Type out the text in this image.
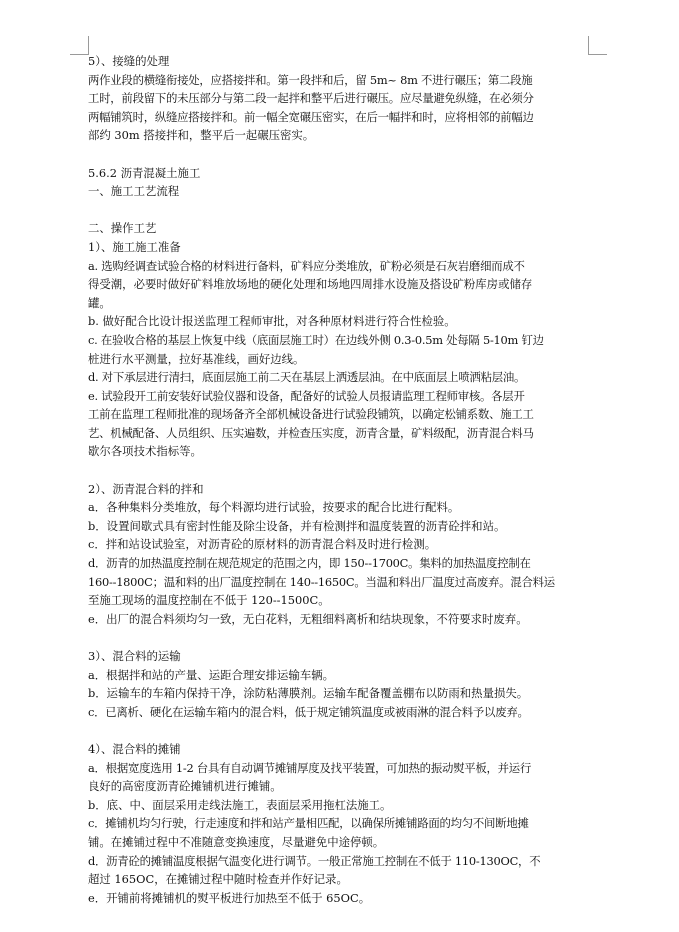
5）、接缝的处理
两作业段的横缝衔接处，应搭接拌和。第一段拌和后，留 5m~ 8m 不进行碾压；第二段施
工时，前段留下的未压部分与第二段一起拌和整平后进行碾压。应尽量避免纵缝，在必须分
两幅铺筑时，纵缝应搭接拌和。前一幅全宽碾压密实，在后一幅拌和时，应将相邻的前幅边
部约 30m 搭接拌和，整平后一起碾压密实。
5.6.2 沥青混凝土施工
一、施工工艺流程
二、操作工艺
1）、施工施工准备
a. 选购经调查试验合格的材料进行备料，矿料应分类堆放，矿粉必须是石灰岩磨细而成不
得受潮，必要时做好矿料堆放场地的硬化处理和场地四周排水设施及搭设矿粉库房或储存
罐。
b. 做好配合比设计报送监理工程师审批，对各种原材料进行符合性检验。
c. 在验收合格的基层上恢复中线（底面层施工时）在边线外侧 0.3-0.5m 处每隔 5-10m 钉边
桩进行水平测量，拉好基准线，画好边线。
d. 对下承层进行清扫，底面层施工前二天在基层上洒透层油。在中底面层上喷洒粘层油。
e. 试验段开工前安装好试验仪器和设备，配备好的试验人员报请监理工程师审核。各层开
工前在监理工程师批准的现场备齐全部机械设备进行试验段铺筑，以确定松铺系数、施工工
艺、机械配备、人员组织、压实遍数，并检查压实度，沥青含量，矿料级配，沥青混合料马
歇尔各项技术指标等。
2）、沥青混合料的拌和
a．各种集料分类堆放，每个料源均进行试验，按要求的配合比进行配料。
b．设置间歇式具有密封性能及除尘设备，并有检测拌和温度装置的沥青砼拌和站。
c．拌和站设试验室，对沥青砼的原材料的沥青混合料及时进行检测。
d．沥青的加热温度控制在规范规定的范围之内，即 150--1700C。集料的加热温度控制在
160--1800C；温和料的出厂温度控制在 140--1650C。当温和料出厂温度过高废弃。混合料运
至施工现场的温度控制在不低于 120--1500C。
e．出厂的混合料须均匀一致，无白花料，无粗细料离析和结块现象，不符要求时废弃。
3）、混合料的运输
a．根据拌和站的产量、运距合理安排运输车辆。
b．运输车的车箱内保持干净，涂防粘薄膜剂。运输车配备覆盖棚布以防雨和热量损失。
c．已离析、硬化在运输车箱内的混合料，低于规定铺筑温度或被雨淋的混合料予以废弃。
4）、混合料的摊铺
a．根据宽度选用 1-2 台具有自动调节摊铺厚度及找平装置，可加热的振动熨平板，并运行
良好的高密度沥青砼摊铺机进行摊铺。
b．底、中、面层采用走线法施工，表面层采用拖杠法施工。
c．摊铺机均匀行驶，行走速度和拌和站产量相匹配，以确保所摊铺路面的均匀不间断地摊
铺。在摊铺过程中不准随意变换速度，尽量避免中途停顿。
d．沥青砼的摊铺温度根据气温变化进行调节。一般正常施工控制在不低于 110-130OC，不
超过 165OC，在摊铺过程中随时检查并作好记录。
e．开铺前将摊铺机的熨平板进行加热至不低于 65OC。
